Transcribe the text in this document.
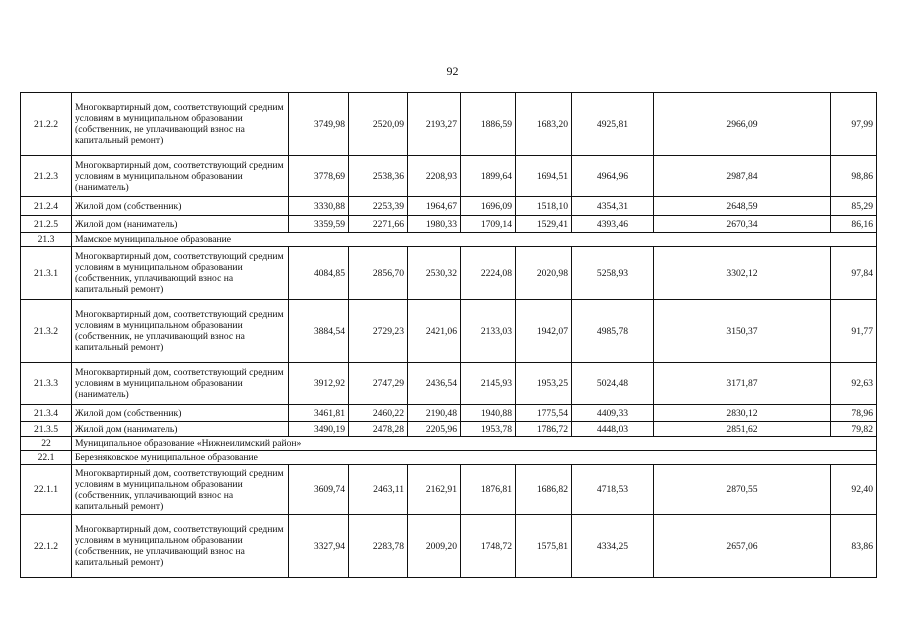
92
21.2.2	Многоквартирный дом, соответствующий средним условиям в муниципальном образовании (собственник, не уплачивающий взнос на капитальный ремонт)	3749,98	2520,09	2193,27	1886,59	1683,20	4925,81	2966,09	97,99
21.2.3	Многоквартирный дом, соответствующий средним условиям в муниципальном образовании (наниматель)	3778,69	2538,36	2208,93	1899,64	1694,51	4964,96	2987,84	98,86
21.2.4	Жилой дом (собственник)	3330,88	2253,39	1964,67	1696,09	1518,10	4354,31	2648,59	85,29
21.2.5	Жилой дом (наниматель)	3359,59	2271,66	1980,33	1709,14	1529,41	4393,46	2670,34	86,16
21.3	Мамское муниципальное образование								
21.3.1	Многоквартирный дом, соответствующий средним условиям в муниципальном образовании (собственник, уплачивающий взнос на капитальный ремонт)	4084,85	2856,70	2530,32	2224,08	2020,98	5258,93	3302,12	97,84
21.3.2	Многоквартирный дом, соответствующий средним условиям в муниципальном образовании (собственник, не уплачивающий взнос на капитальный ремонт)	3884,54	2729,23	2421,06	2133,03	1942,07	4985,78	3150,37	91,77
21.3.3	Многоквартирный дом, соответствующий средним условиям в муниципальном образовании (наниматель)	3912,92	2747,29	2436,54	2145,93	1953,25	5024,48	3171,87	92,63
21.3.4	Жилой дом (собственник)	3461,81	2460,22	2190,48	1940,88	1775,54	4409,33	2830,12	78,96
21.3.5	Жилой дом (наниматель)	3490,19	2478,28	2205,96	1953,78	1786,72	4448,03	2851,62	79,82
22	Муниципальное образование «Нижнеилимский район»								
22.1	Березняковское муниципальное образование								
22.1.1	Многоквартирный дом, соответствующий средним условиям в муниципальном образовании (собственник, уплачивающий взнос на капитальный ремонт)	3609,74	2463,11	2162,91	1876,81	1686,82	4718,53	2870,55	92,40
22.1.2	Многоквартирный дом, соответствующий средним условиям в муниципальном образовании (собственник, не уплачивающий взнос на капитальный ремонт)	3327,94	2283,78	2009,20	1748,72	1575,81	4334,25	2657,06	83,86
